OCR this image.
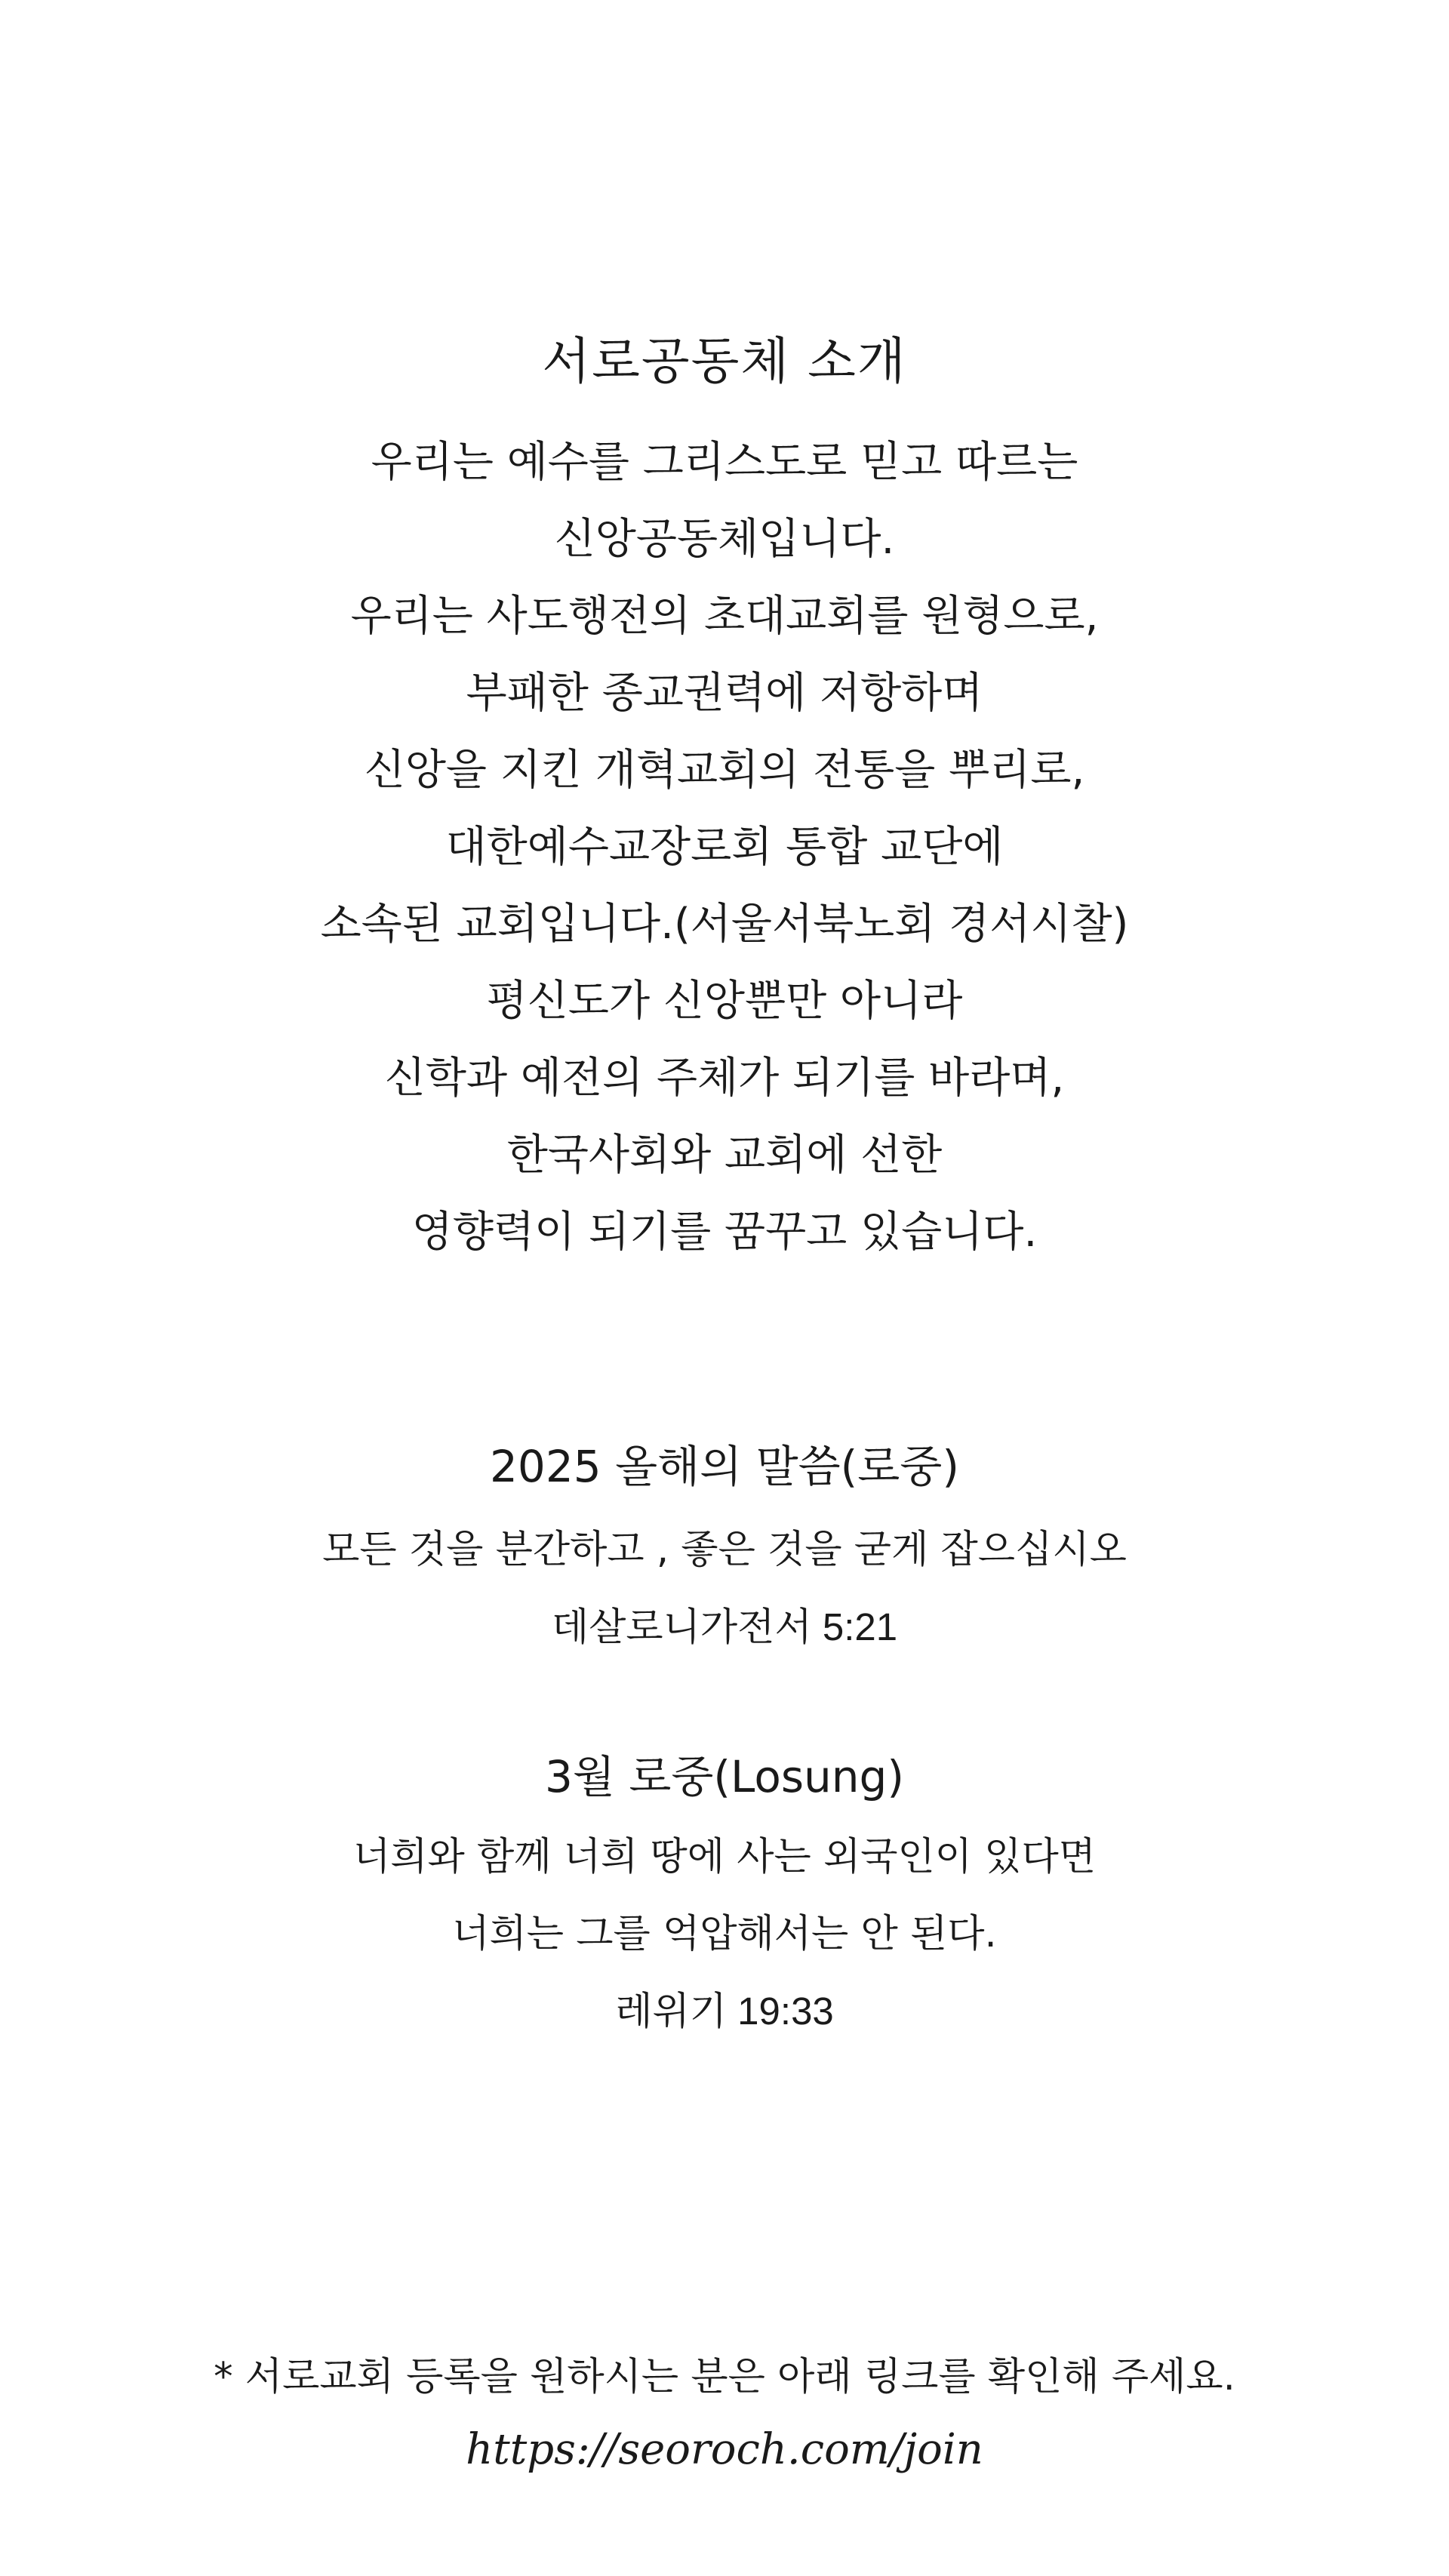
서로공동체 소개
우리는 예수를 그리스도로 믿고 따르는
신앙공동체입니다.
우리는 사도행전의 초대교회를 원형으로,
부패한 종교권력에 저항하며
신앙을 지킨 개혁교회의 전통을 뿌리로,
대한예수교장로회 통합 교단에
소속된 교회입니다.(서울서북노회 경서시찰)
평신도가 신앙뿐만 아니라
신학과 예전의 주체가 되기를 바라며,
한국사회와 교회에 선한
영향력이 되기를 꿈꾸고 있습니다.
2025 올해의 말씀(로중)
모든 것을 분간하고 , 좋은 것을 굳게 잡으십시오
데살로니가전서 5:21
3월 로중(Losung)
너희와 함께 너희 땅에 사는 외국인이 있다면
너희는 그를 억압해서는 안 된다.
레위기 19:33
* 서로교회 등록을 원하시는 분은 아래 링크를 확인해 주세요.
https://seoroch.com/join
